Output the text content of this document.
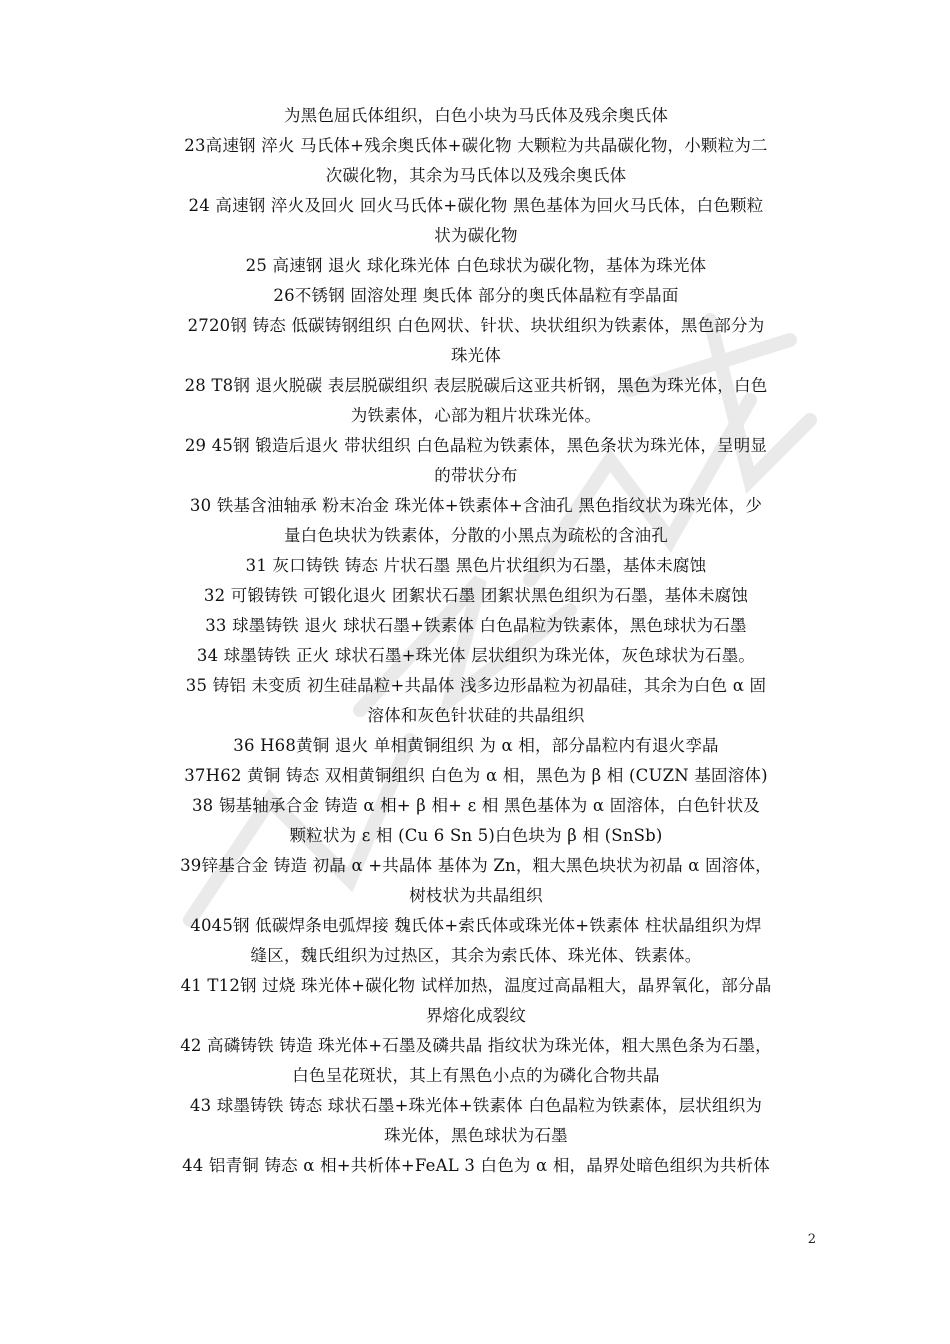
为黑色屈氏体组织，白色小块为马氏体及残余奥氏体
23高速钢 淬火 马氏体+残余奥氏体+碳化物 大颗粒为共晶碳化物，小颗粒为二
次碳化物，其余为马氏体以及残余奥氏体
24 高速钢 淬火及回火 回火马氏体+碳化物 黑色基体为回火马氏体，白色颗粒
状为碳化物
25 高速钢 退火 球化珠光体 白色球状为碳化物，基体为珠光体
26不锈钢 固溶处理 奥氏体 部分的奥氏体晶粒有孪晶面
2720钢 铸态 低碳铸钢组织 白色网状、针状、块状组织为铁素体，黑色部分为
珠光体
28 T8钢 退火脱碳 表层脱碳组织 表层脱碳后这亚共析钢，黑色为珠光体，白色
为铁素体，心部为粗片状珠光体。
29 45钢 锻造后退火 带状组织 白色晶粒为铁素体，黑色条状为珠光体，呈明显
的带状分布
30 铁基含油轴承 粉末冶金 珠光体+铁素体+含油孔 黑色指纹状为珠光体，少
量白色块状为铁素体，分散的小黑点为疏松的含油孔
31 灰口铸铁 铸态 片状石墨 黑色片状组织为石墨，基体未腐蚀
32 可锻铸铁 可锻化退火 团絮状石墨 团絮状黑色组织为石墨，基体未腐蚀
33 球墨铸铁 退火 球状石墨+铁素体 白色晶粒为铁素体，黑色球状为石墨
34 球墨铸铁 正火 球状石墨+珠光体 层状组织为珠光体，灰色球状为石墨。
35 铸铝 未变质 初生硅晶粒+共晶体 浅多边形晶粒为初晶硅，其余为白色 α 固
溶体和灰色针状硅的共晶组织
36 H68黄铜 退火 单相黄铜组织 为 α 相，部分晶粒内有退火孪晶
37H62 黄铜 铸态 双相黄铜组织 白色为 α 相，黑色为 β 相 (CUZN 基固溶体)
38 锡基轴承合金 铸造 α 相+ β 相+ ε 相 黑色基体为 α 固溶体，白色针状及
颗粒状为 ε 相 (Cu 6 Sn 5)白色块为 β 相 (SnSb)
39锌基合金 铸造 初晶 α +共晶体 基体为 Zn，粗大黑色块状为初晶 α 固溶体，
树枝状为共晶组织
4045钢 低碳焊条电弧焊接 魏氏体+索氏体或珠光体+铁素体 柱状晶组织为焊
缝区，魏氏组织为过热区，其余为索氏体、珠光体、铁素体。
41 T12钢 过烧 珠光体+碳化物 试样加热，温度过高晶粗大，晶界氧化，部分晶
界熔化成裂纹
42 高磷铸铁 铸造 珠光体+石墨及磷共晶 指纹状为珠光体，粗大黑色条为石墨，
白色呈花斑状，其上有黑色小点的为磷化合物共晶
43 球墨铸铁 铸态 球状石墨+珠光体+铁素体 白色晶粒为铁素体，层状组织为
珠光体，黑色球状为石墨
44 铝青铜 铸态 α 相+共析体+FeAL 3 白色为 α 相，晶界处暗色组织为共析体
2
